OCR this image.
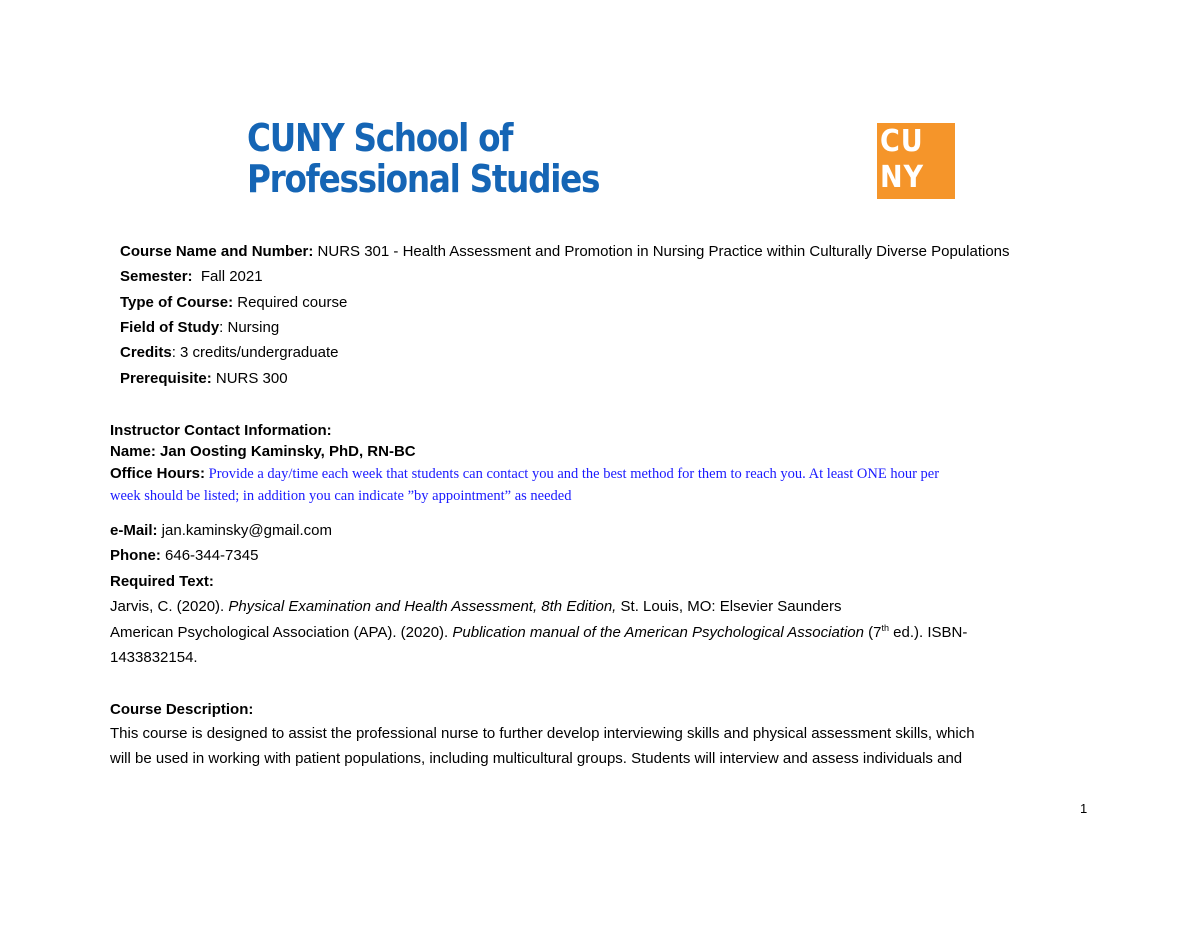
CUNY School of
Professional Studies
CU
NY
Course Name and Number: NURS 301 - Health Assessment and Promotion in Nursing Practice within Culturally Diverse Populations
Semester:  Fall 2021
Type of Course: Required course
Field of Study: Nursing
Credits: 3 credits/undergraduate
Prerequisite: NURS 300
Instructor Contact Information:
Name: Jan Oosting Kaminsky, PhD, RN-BC
Office Hours: Provide a day/time each week that students can contact you and the best method for them to reach you. At least ONE hour per
week should be listed; in addition you can indicate ”by appointment” as needed
e-Mail: jan.kaminsky@gmail.com
Phone: 646-344-7345
Required Text:
Jarvis, C. (2020). Physical Examination and Health Assessment, 8th Edition, St. Louis, MO: Elsevier Saunders
American Psychological Association (APA). (2020). Publication manual of the American Psychological Association (7th ed.). ISBN-
1433832154.
Course Description:
This course is designed to assist the professional nurse to further develop interviewing skills and physical assessment skills, which
will be used in working with patient populations, including multicultural groups. Students will interview and assess individuals and
1
